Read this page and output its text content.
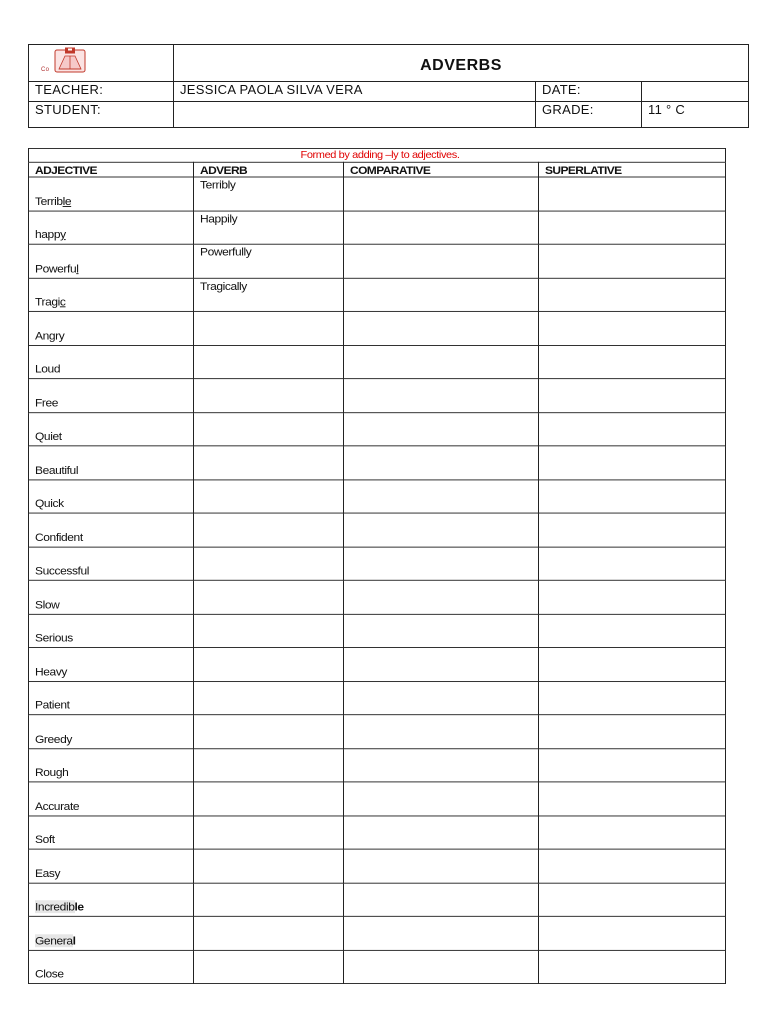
Co	ADVERBS		
TEACHER:	JESSICA PAOLA SILVA VERA	DATE:	
STUDENT:		GRADE:	11 ° C
Formed by adding –ly to adjectives.			
ADJECTIVE	ADVERB	COMPARATIVE	SUPERLATIVE
Terrible	Terribly		
happy	Happily		
Powerful	Powerfully		
Tragic	Tragically		
Angry			
Loud			
Free			
Quiet			
Beautiful			
Quick			
Confident			
Successful			
Slow			
Serious			
Heavy			
Patient			
Greedy			
Rough			
Accurate			
Soft			
Easy			
Incredible			
General			
Close			
